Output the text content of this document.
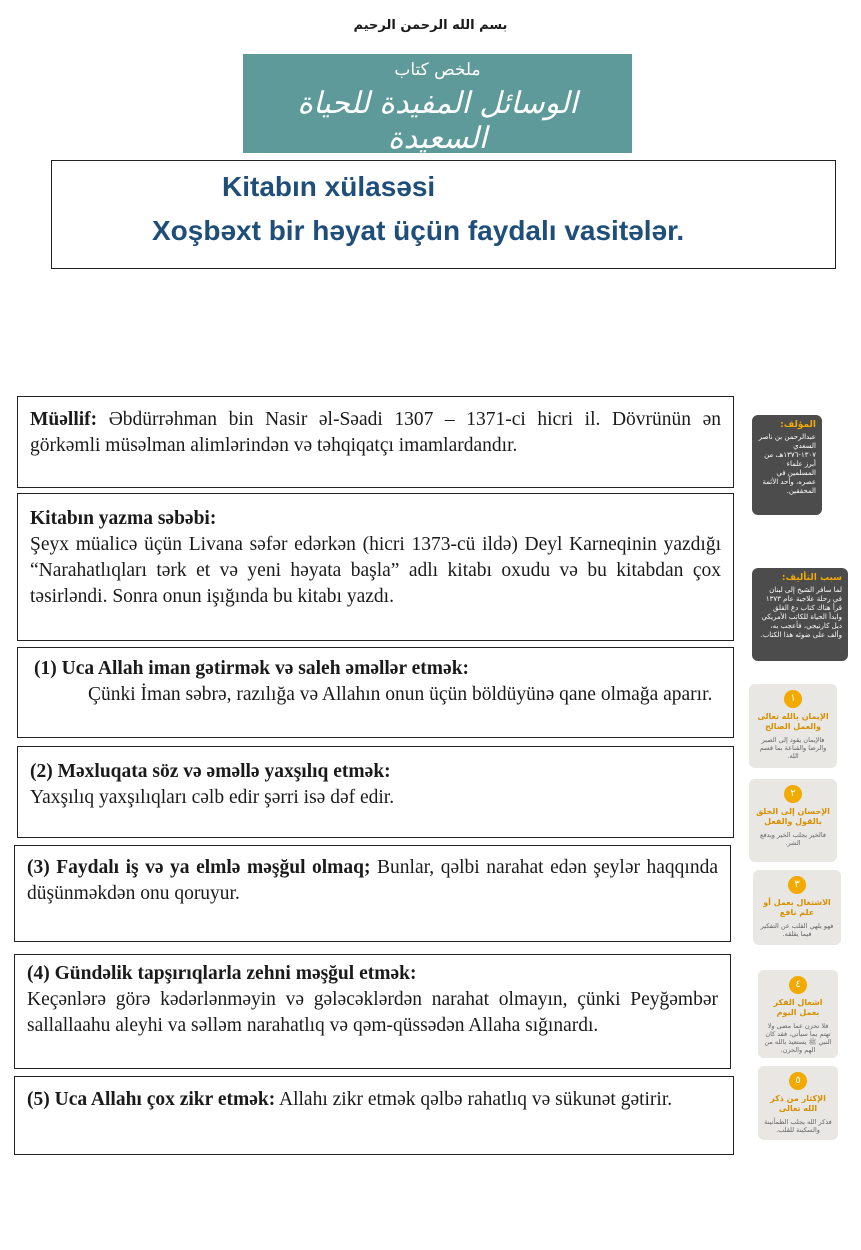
بسم الله الرحمن الرحيم
ملخص كتاب
الوسائل المفيدة للحياة السعيدة
Kitabın xülasəsi
Xoşbəxt bir həyat üçün faydalı vasitələr.
Müəllif: Əbdürrəhman bin Nasir əl-Səadi 1307 – 1371-ci hicri il. Dövrünün ən görkəmli müsəlman alimlərindən və təhqiqatçı imamlardandır.
Kitabın yazma səbəbi:
Şeyx müalicə üçün Livana səfər edərkən (hicri 1373-cü ildə) Deyl Karneqinin yazdığı “Narahatlıqları tərk et və yeni həyata başla” adlı kitabı oxudu və bu kitabdan çox təsirləndi. Sonra onun işığında bu kitabı yazdı.
(1) Uca Allah iman gətirmək və saleh əməllər etmək:
Çünki İman səbrə, razılığa və Allahın onun üçün böldüyünə qane olmağa aparır.
(2) Məxluqata söz və əməllə yaxşılıq etmək:
Yaxşılıq yaxşılıqları cəlb edir şərri isə dəf edir.
(3) Faydalı iş və ya elmlə məşğul olmaq; Bunlar, qəlbi narahat edən şeylər haqqında düşünməkdən onu qoruyur.
(4) Gündəlik tapşırıqlarla zehni məşğul etmək:
Keçənlərə görə kədərlənməyin və gələcəklərdən narahat olmayın, çünki Peyğəmbər sallallaahu aleyhi va səlləm narahatlıq və qəm-qüssədən Allaha sığınardı.
(5) Uca Allahı çox zikr etmək: Allahı zikr etmək qəlbə rahatlıq və sükunət gətirir.
المؤلف:
عبدالرحمن بن ناصر السعدي ١٣٠٧-١٣٧٦هـ، من أبرز علماء المسلمين في عصره، وأحد الأئمة المحققين.
سبب التأليف:
لما سافر الشيخ إلى لبنان في رحلة علاجية عام ١٣٧٣ قرأ هناك كتاب دع القلق وابدأ الحياة للكاتب الأمريكي ديل كارنيجي، فأعجب به، وألف على ضوئه هذا الكتاب.
١
الإيمان بالله تعالى والعمل الصالح
فالإيمان يقود إلى الصبر والرضا والقناعة بما قسم الله.
٢
الإحسان إلى الخلق بالقول والفعل
فالخير يجلب الخير ويدفع الشر.
٣
الاشتغال بعمل أو علم نافع
فهو يلهي القلب عن التفكير فيما يقلقه.
٤
اشغال الفكر بعمل اليوم
فلا تحزن عما مضى ولا تهتم بما سيأتي، فقد كان النبي ﷺ يستعيذ بالله من الهم والحزن.
٥
الإكثار من ذكر الله تعالى
فذكر الله يجلب الطمأنينة والسكينة للقلب.
